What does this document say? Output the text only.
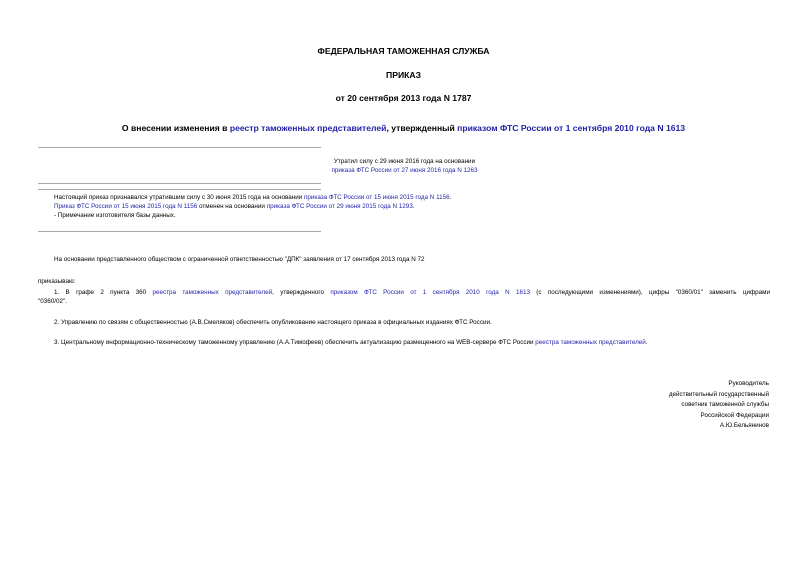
ФЕДЕРАЛЬНАЯ ТАМОЖЕННАЯ СЛУЖБА
ПРИКАЗ
от 20 сентября 2013 года N 1787
О внесении изменения в реестр таможенных представителей, утвержденный приказом ФТС России от 1 сентября 2010 года N 1613
Утратил силу с 29 июня 2016 года на основании
приказа ФТС России от 27 июня 2016 года N 1263
Настоящий приказ признавался утратившим силу с 30 июня 2015 года на основании приказа ФТС России от 15 июня 2015 года N 1156.
Приказ ФТС России от 15 июня 2015 года N 1156 отменен на основании приказа ФТС России от 29 июня 2015 года N 1293.
- Примечание изготовителя базы данных.
На основании представленного обществом с ограниченной ответственностью "ДПК" заявления от 17 сентября 2013 года N 72
приказываю:
1. В графе 2 пункта 360 реестра таможенных представителей, утвержденного приказом ФТС России от 1 сентября 2010 года N 1613 (с последующими изменениями), цифры "0360/01" заменить цифрами
"0360/02".
2. Управлению по связям с общественностью (А.В.Смеляков) обеспечить опубликование настоящего приказа в официальных изданиях ФТС России.
3. Центральному информационно-техническому таможенному управлению (А.А.Тимофеев) обеспечить актуализацию размещенного на WEB-сервере ФТС России реестра таможенных представителей.
Руководитель
действительный государственный
советник таможенной службы
Российской Федерации
А.Ю.Бельянинов
